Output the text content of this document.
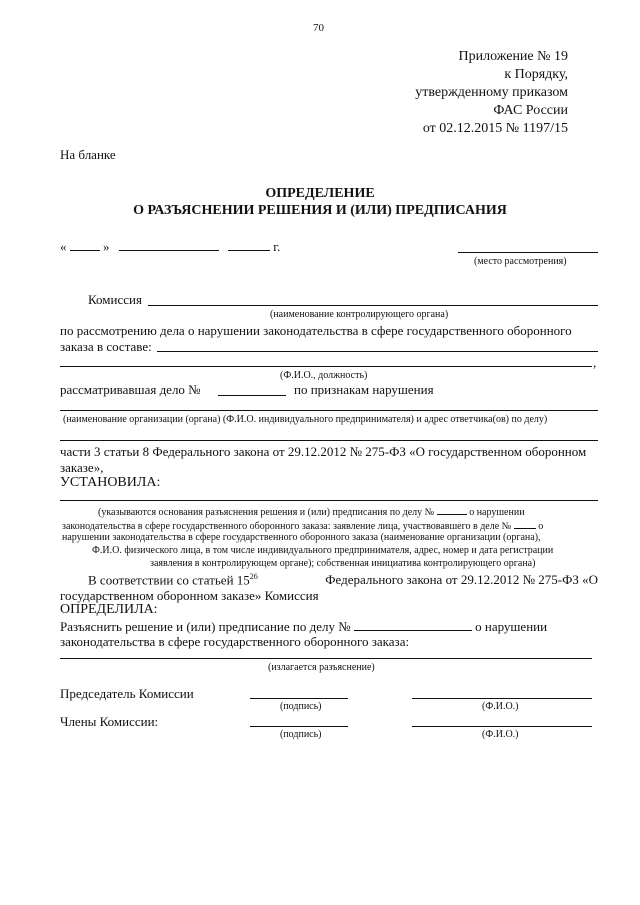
70
Приложение № 19
к Порядку,
утвержденному приказом
ФАС России
от 02.12.2015 № 1197/15
На бланке
ОПРЕДЕЛЕНИЕ
О РАЗЪЯСНЕНИИ РЕШЕНИЯ И (ИЛИ) ПРЕДПИСАНИЯ
«	»	г.
(место рассмотрения)
Комиссия
(наименование контролирующего органа)
по рассмотрению дела о нарушении законодательства в сфере государственного оборонного
заказа в составе:
,
(Ф.И.О., должность)
рассматривавшая дело №	по признакам нарушения
(наименование организации (органа) (Ф.И.О. индивидуального предпринимателя) и адрес ответчика(ов) по делу)
части 3 статьи 8 Федерального закона от 29.12.2012 № 275-ФЗ «О государственном оборонном
заказе»,
УСТАНОВИЛА:
(указываются основания разъяснения решения и (или) предписания по делу №	о нарушении
законодательства в сфере государственного оборонного заказа: заявление лица, участвовавшего в деле №	о
нарушении законодательства в сфере государственного оборонного заказа (наименование организации (органа),
Ф.И.О. физического лица, в том числе индивидуального предпринимателя, адрес, номер и дата регистрации
заявления в контролирующем органе); собственная инициатива контролирующего органа)
В соответствии со статьей $15^{26}$	Федерального закона от 29.12.2012 № 275-ФЗ «О
государственном оборонном заказе» Комиссия
ОПРЕДЕЛИЛА:
Разъяснить решение и (или) предписание по делу №	о нарушении
законодательства в сфере государственного оборонного заказа:
(излагается разъяснение)
Председатель Комиссии
(подпись)	(Ф.И.О.)
Члены Комиссии:
(подпись)	(Ф.И.О.)
